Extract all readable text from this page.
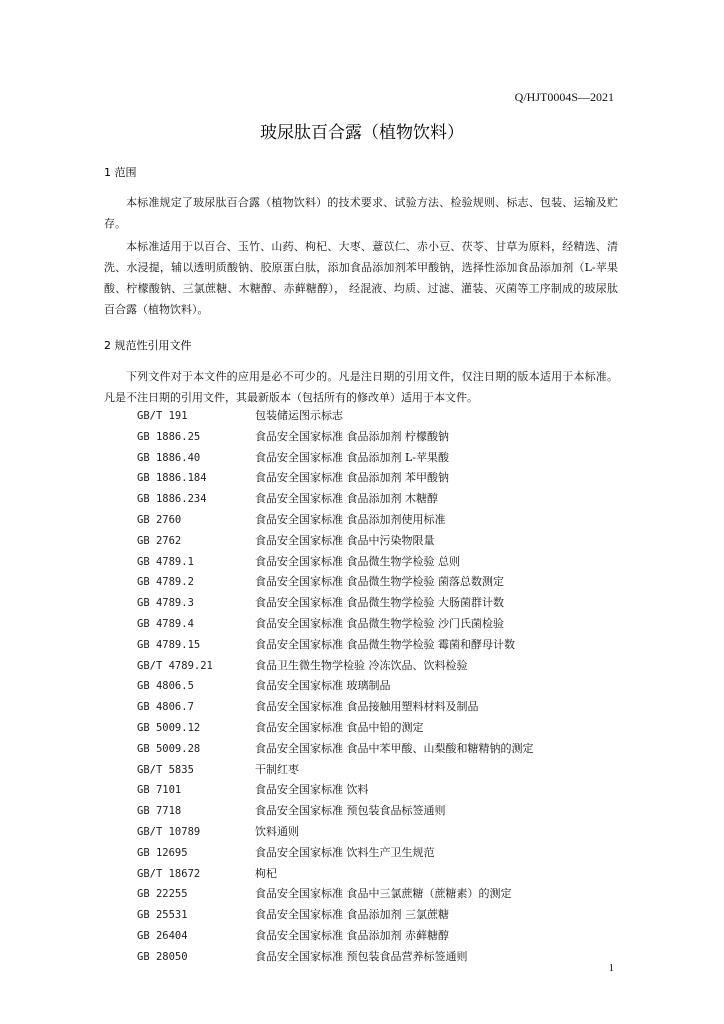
Q/HJT0004S—2021
玻尿肽百合露（植物饮料）
1 范围

本标准规定了玻尿肽百合露（植物饮料）的技术要求、试验方法、检验规则、标志、包装、运输及贮存。

本标准适用于以百合、玉竹、山药、枸杞、大枣、薏苡仁、赤小豆、茯苓、甘草为原料，经精选、清洗、水浸提，辅以透明质酸钠、胶原蛋白肽，添加食品添加剂苯甲酸钠，选择性添加食品添加剂（L-苹果酸、柠檬酸钠、三氯蔗糖、木糖醇、赤藓糖醇）， 经混液、均质、过滤、灌装、灭菌等工序制成的玻尿肽百合露（植物饮料）。

2 规范性引用文件

下列文件对于本文件的应用是必不可少的。凡是注日期的引用文件，仅注日期的版本适用于本标准。凡是不注日期的引用文件，其最新版本（包括所有的修改单）适用于本文件。

GB/T 191	包装储运图示标志
GB 1886.25	食品安全国家标准 食品添加剂 柠檬酸钠
GB 1886.40	食品安全国家标准 食品添加剂 L-苹果酸
GB 1886.184	食品安全国家标准 食品添加剂 苯甲酸钠
GB 1886.234	食品安全国家标准 食品添加剂 木糖醇
GB 2760	食品安全国家标准 食品添加剂使用标准
GB 2762	食品安全国家标准 食品中污染物限量
GB 4789.1	食品安全国家标准 食品微生物学检验 总则
GB 4789.2	食品安全国家标准 食品微生物学检验 菌落总数测定
GB 4789.3	食品安全国家标准 食品微生物学检验 大肠菌群计数
GB 4789.4	食品安全国家标准 食品微生物学检验 沙门氏菌检验
GB 4789.15	食品安全国家标准 食品微生物学检验 霉菌和酵母计数
GB/T 4789.21	食品卫生微生物学检验 冷冻饮品、饮料检验
GB 4806.5	食品安全国家标准 玻璃制品
GB 4806.7	食品安全国家标准 食品接触用塑料材料及制品
GB 5009.12	食品安全国家标准 食品中铅的测定
GB 5009.28	食品安全国家标准 食品中苯甲酸、山梨酸和糖精钠的测定
GB/T 5835	干制红枣
GB 7101	食品安全国家标准 饮料
GB 7718	食品安全国家标准 预包装食品标签通则
GB/T 10789	饮料通则
GB 12695	食品安全国家标准 饮料生产卫生规范
GB/T 18672	枸杞
GB 22255	食品安全国家标准 食品中三氯蔗糖（蔗糖素）的测定
GB 25531	食品安全国家标准 食品添加剂 三氯蔗糖
GB 26404	食品安全国家标准 食品添加剂 赤藓糖醇
GB 28050	食品安全国家标准 预包装食品营养标签通则
1
